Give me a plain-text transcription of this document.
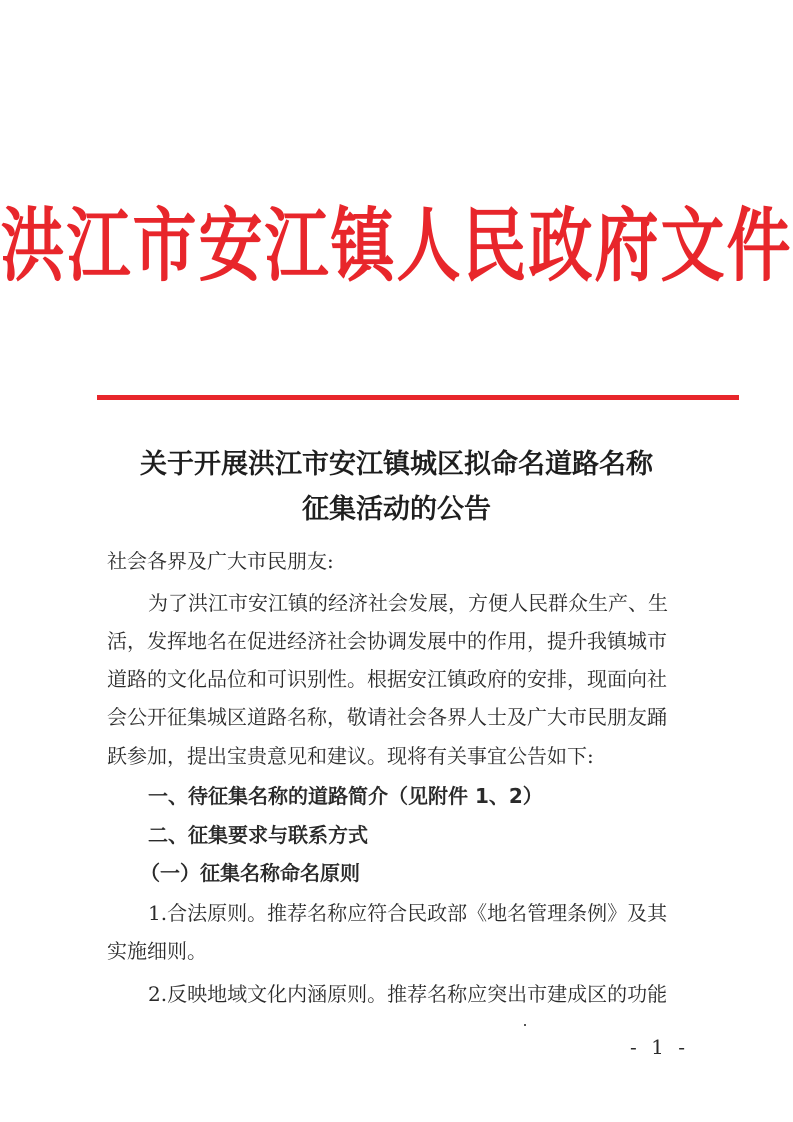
洪江市安江镇人民政府文件
关于开展洪江市安江镇城区拟命名道路名称
征集活动的公告
社会各界及广大市民朋友:
为了洪江市安江镇的经济社会发展，方便人民群众生产、生
活，发挥地名在促进经济社会协调发展中的作用，提升我镇城市
道路的文化品位和可识别性。根据安江镇政府的安排，现面向社
会公开征集城区道路名称，敬请社会各界人士及广大市民朋友踊
跃参加，提出宝贵意见和建议。现将有关事宜公告如下:
一、待征集名称的道路简介（见附件 1、2）
二、征集要求与联系方式
（一）征集名称命名原则
1.合法原则。推荐名称应符合民政部《地名管理条例》及其
实施细则。
2.反映地域文化内涵原则。推荐名称应突出市建成区的功能
- 1 -
